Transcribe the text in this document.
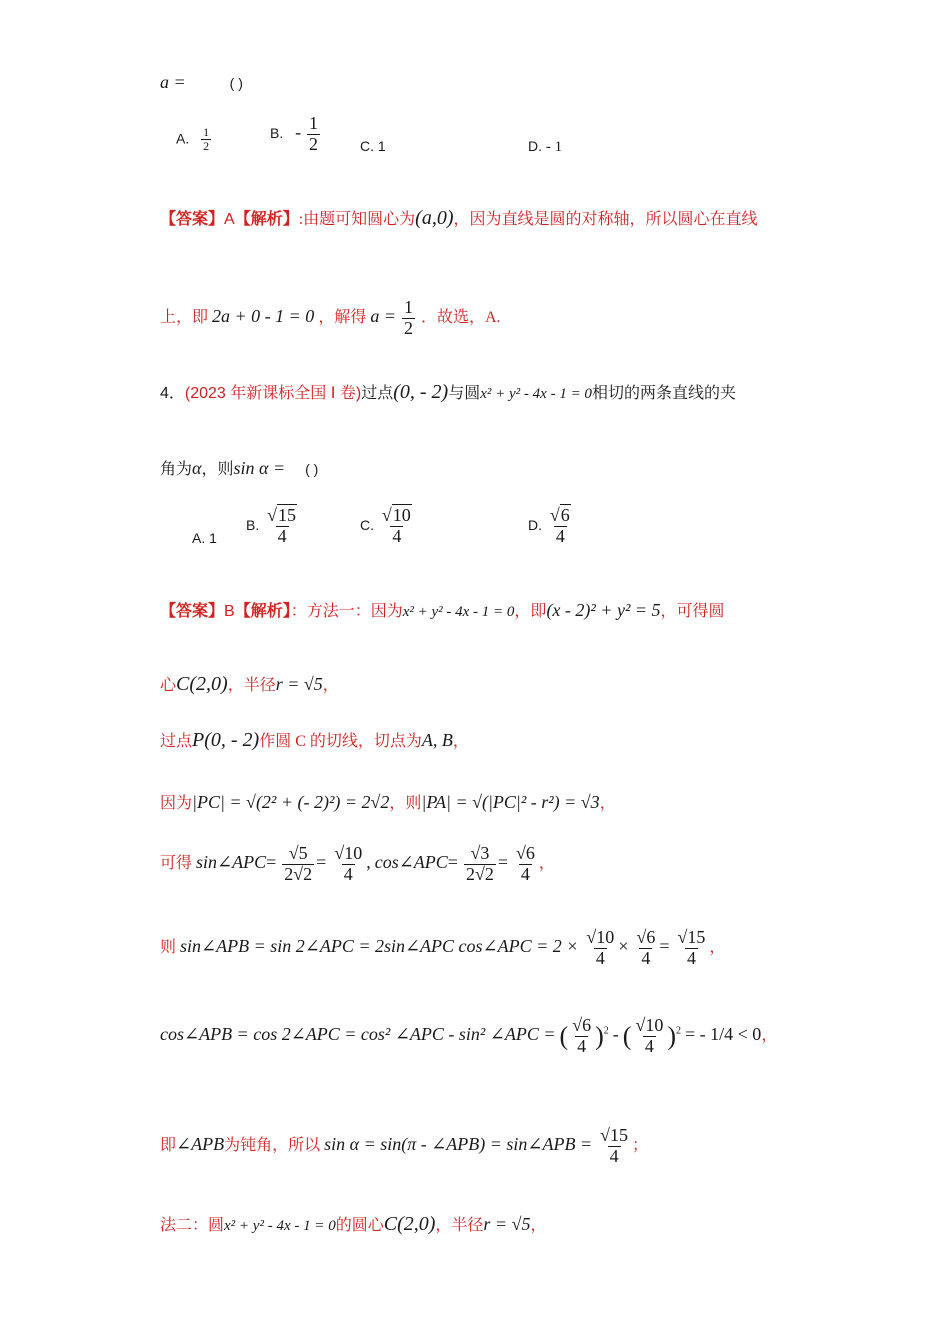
a =	( )
A. $\frac{1}{2}$	B. - $\frac{1}{2}$	C. 1	D. - 1
【答案】A【解析】:由题可知圆心为(a,0)，因为直线是圆的对称轴，所以圆心在直线
上，即 2a + 0 - 1 = 0 ，解得 $a = \frac{1}{2}$ ．故选，A.
4．(2023 年新课标全国 Ⅰ 卷)过点(0, - 2)与圆x² + y² - 4x - 1 = 0相切的两条直线的夹
角为α，则sin α = ( )
A. 1
B. $\frac{√15}{4}$	C. $\frac{√10}{4}$	D. $\frac{√6}{4}$
【答案】B【解析】：方法一：因为x² + y² - 4x - 1 = 0，即(x - 2)² + y² = 5，可得圆
心C(2,0)，半径r = √5，
过点P(0, - 2)作圆 C 的切线，切点为A, B，
因为|PC| = √(2² + (- 2)²) = 2√2，则|PA| = √(|PC|² - r²) = √3，
可得 sin∠APC= $\frac{√5}{2√2} = \frac{√10}{4}$ , cos∠APC= $\frac{√3}{2√2} = \frac{√6}{4}$ ，
则 sin∠APB = sin 2∠APC = 2sin∠APC cos∠APC = $2 \times \frac{√10}{4} \times \frac{√6}{4} = \frac{√15}{4}$ ，
cos∠APB = cos 2∠APC = cos² ∠APC - sin² ∠APC = ( $\frac{√6}{4} )^2$ - ( $\frac{√10}{4} )^2$ = - 1/4 < 0，
即∠APB为钝角，所以 sin α = sin(π - ∠APB) = sin∠APB = $\frac{√15}{4}$ ；
法二：圆x² + y² - 4x - 1 = 0的圆心C(2,0)，半径r = √5，
